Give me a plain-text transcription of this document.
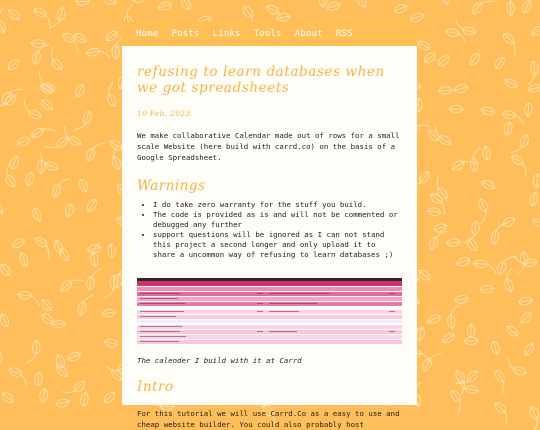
Home Posts Links Tools About RSS
refusing to learn databases when we got spreadsheets
10 Feb, 2023

We make collaborative Calendar made out of rows for a small scale Website (here build with carrd.co) on the basis of a Google Spreadsheet.

Warnings
• I do take zero warranty for the stuff you build.
• The code is provided as is and will not be commented or debugged any further
• support questions will be ignored as I can not stand this project a second longer and only upload it to share a uncommon way of refusing to learn databases ;)
The calender I build with it at Carrd
Intro

For this tutorial we will use Carrd.Co as a easy to use and cheap website builder. You could also probably host
